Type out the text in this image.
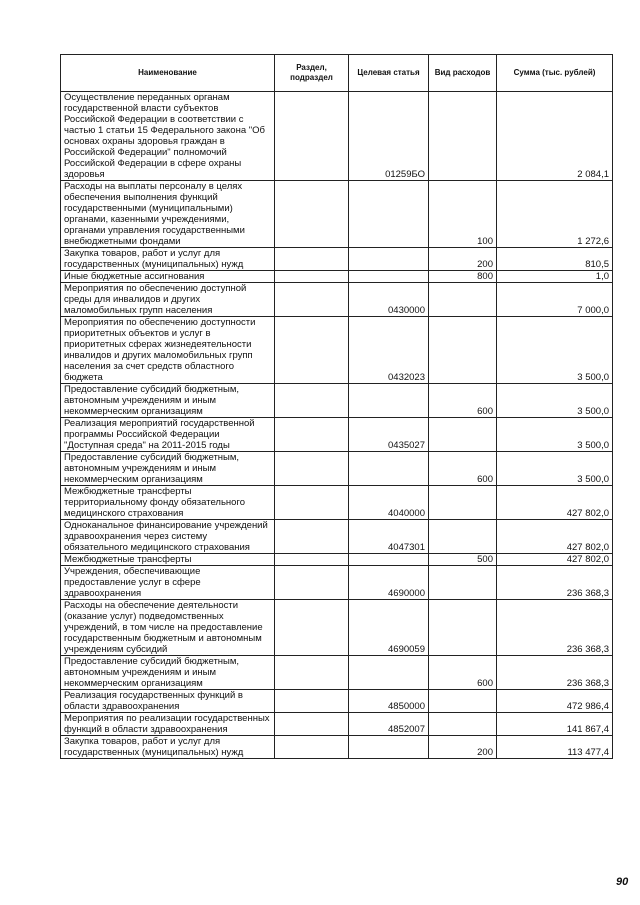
Наименование	Раздел, подраздел	Целевая статья	Вид расходов	Сумма (тыс. рублей)
Осуществление переданных органам государственной власти субъектов Российской Федерации в соответствии с частью 1 статьи 15 Федерального закона "Об основах охраны здоровья граждан в Российской Федерации" полномочий Российской Федерации в сфере охраны здоровья		01259БО		2 084,1
Расходы на выплаты персоналу в целях обеспечения выполнения функций государственными (муниципальными) органами, казенными учреждениями, органами управления государственными внебюджетными фондами			100	1 272,6
Закупка товаров, работ и услуг для государственных (муниципальных) нужд			200	810,5
Иные бюджетные ассигнования			800	1,0
Мероприятия по обеспечению доступной среды для инвалидов и других маломобильных групп населения		0430000		7 000,0
Мероприятия по обеспечению доступности приоритетных объектов и услуг в приоритетных сферах жизнедеятельности инвалидов и других маломобильных групп населения за счет средств областного бюджета		0432023		3 500,0
Предоставление субсидий бюджетным, автономным учреждениям и иным некоммерческим организациям			600	3 500,0
Реализация мероприятий государственной программы Российской Федерации "Доступная среда" на 2011-2015 годы		0435027		3 500,0
Предоставление субсидий бюджетным, автономным учреждениям и иным некоммерческим организациям			600	3 500,0
Межбюджетные трансферты территориальному фонду обязательного медицинского страхования		4040000		427 802,0
Одноканальное финансирование учреждений здравоохранения через систему обязательного медицинского страхования		4047301		427 802,0
Межбюджетные трансферты			500	427 802,0
Учреждения, обеспечивающие предоставление услуг в сфере здравоохранения		4690000		236 368,3
Расходы на обеспечение деятельности (оказание услуг) подведомственных учреждений, в том числе на предоставление государственным бюджетным и автономным учреждениям субсидий		4690059		236 368,3
Предоставление субсидий бюджетным, автономным учреждениям и иным некоммерческим организациям			600	236 368,3
Реализация государственных функций в области здравоохранения		4850000		472 986,4
Мероприятия по реализации государственных функций в области здравоохранения		4852007		141 867,4
Закупка товаров, работ и услуг для государственных (муниципальных) нужд			200	113 477,4
90
